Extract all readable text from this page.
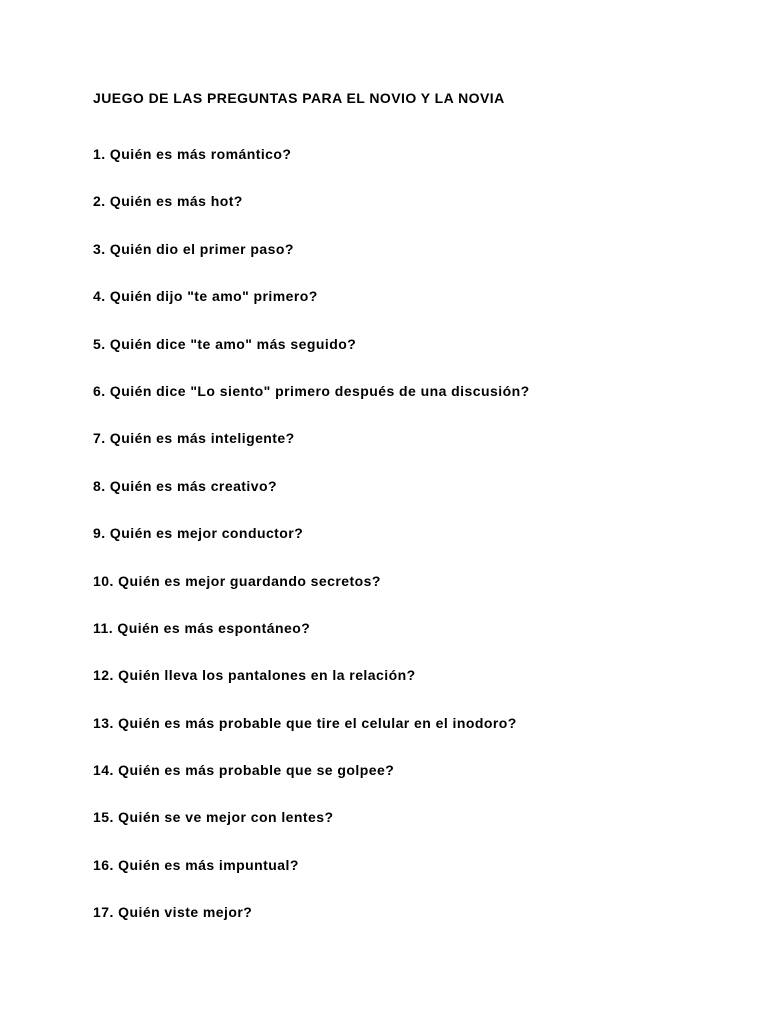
JUEGO DE LAS PREGUNTAS PARA EL NOVIO Y LA NOVIA
1. Quién es más romántico?
2. Quién es más hot?
3. Quién dio el primer paso?
4. Quién dijo "te amo" primero?
5. Quién dice "te amo" más seguido?
6. Quién dice "Lo siento" primero después de una discusión?
7. Quién es más inteligente?
8. Quién es más creativo?
9. Quién es mejor conductor?
10. Quién es mejor guardando secretos?
11. Quién es más espontáneo?
12. Quién lleva los pantalones en la relación?
13. Quién es más probable que tire el celular en el inodoro?
14. Quién es más probable que se golpee?
15. Quién se ve mejor con lentes?
16. Quién es más impuntual?
17. Quién viste mejor?
